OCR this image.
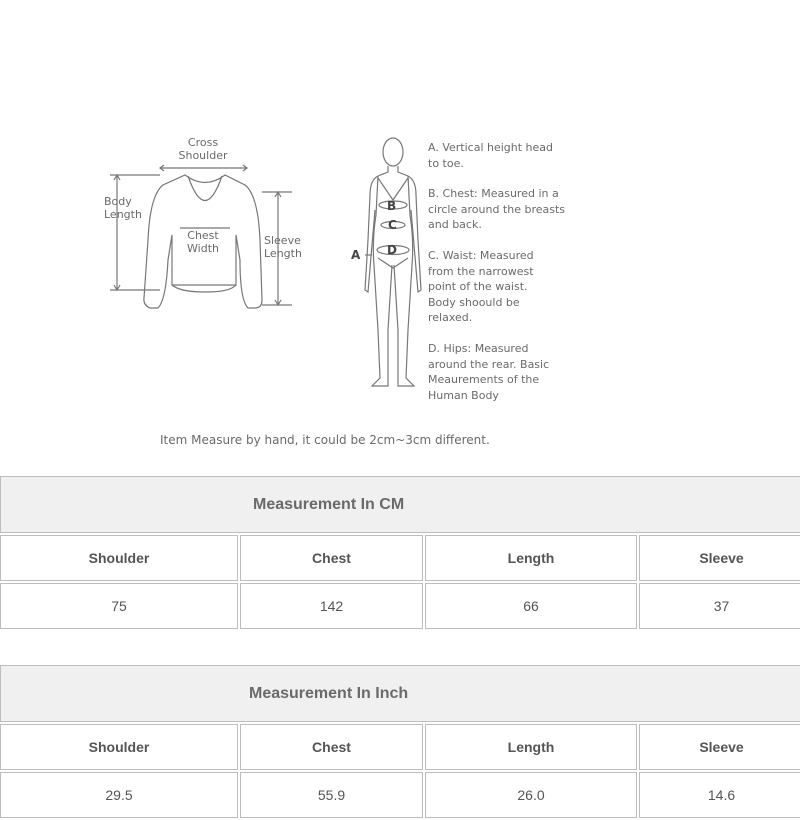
Cross
Shoulder
Body
Length
Chest
Width
Sleeve
Length	A
B
C
D
A. Vertical height head to toe.
B. Chest: Measured in a circle around the breasts and back.
C. Waist: Measured from the narrowest point of the waist. Body shoould be relaxed.
D. Hips: Measured around the rear. Basic Meaurements of the Human Body
Item Measure by hand, it could be 2cm~3cm different.
Measurement In CM			
Shoulder	Chest	Length	Sleeve
75	142	66	37
Measurement In Inch			
Shoulder	Chest	Length	Sleeve
29.5	55.9	26.0	14.6
